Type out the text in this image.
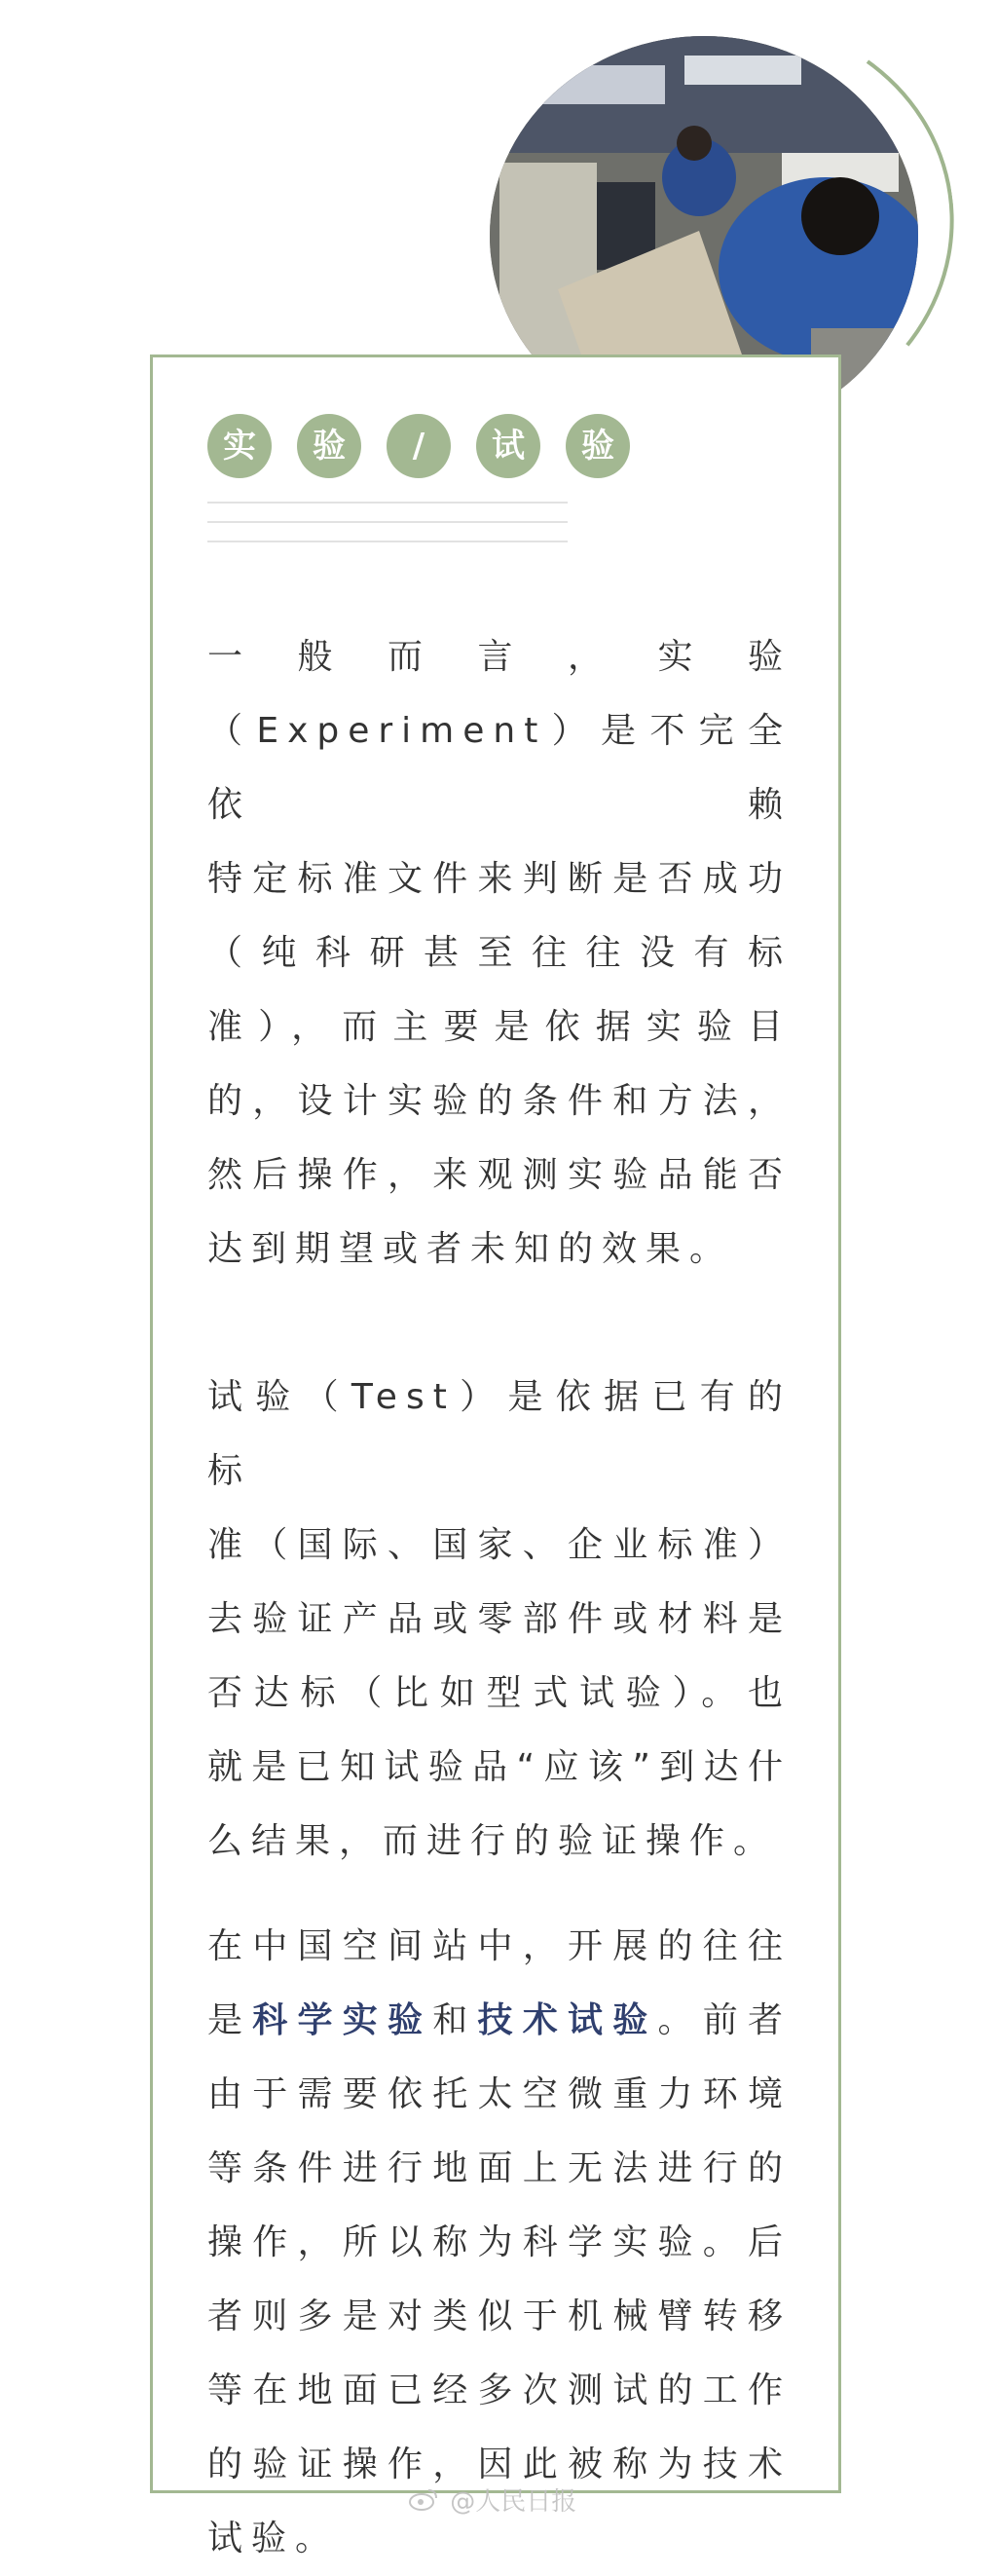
实	验	/	试	验

一般而言，实验
（Experiment）是不完全依赖
特定标准文件来判断是否成功
（纯科研甚至往往没有标
准），而主要是依据实验目
的，设计实验的条件和方法，
然后操作，来观测实验品能否
达到期望或者未知的效果。

试验（Test）是依据已有的标
准（国际、国家、企业标准）
去验证产品或零部件或材料是
否达标（比如型式试验）。也
就是已知试验品“应该”到达什
么结果，而进行的验证操作。

在中国空间站中，开展的往往
是科学实验和技术试验。前者
由于需要依托太空微重力环境
等条件进行地面上无法进行的
操作，所以称为科学实验。后
者则多是对类似于机械臂转移
等在地面已经多次测试的工作
的验证操作，因此被称为技术
试验。

@人民日报
